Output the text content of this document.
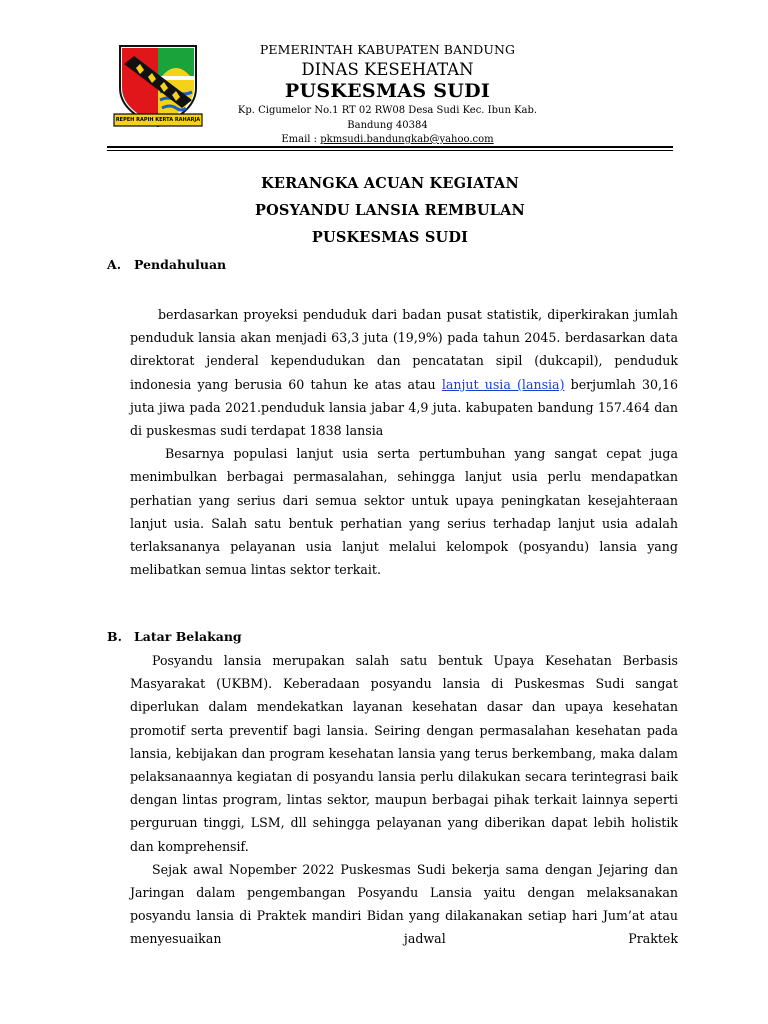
REPEH RAPIH KERTA RAHARJA
PEMERINTAH KABUPATEN BANDUNG
DINAS KESEHATAN
PUSKESMAS SUDI
Kp. Cigumelor No.1 RT 02 RW08 Desa Sudi Kec. Ibun Kab.
Bandung 40384
Email : pkmsudi.bandungkab@yahoo.com
KERANGKA ACUAN KEGIATAN
POSYANDU LANSIA REMBULAN
PUSKESMAS SUDI
A. Pendahuluan

berdasarkan proyeksi penduduk dari badan pusat statistik, diperkirakan jumlah penduduk lansia akan menjadi 63,3 juta (19,9%) pada tahun 2045. berdasarkan data direktorat jenderal kependudukan dan pencatatan sipil (dukcapil), penduduk indonesia yang berusia 60 tahun ke atas atau lanjut usia (lansia) berjumlah 30,16 juta jiwa pada 2021.penduduk lansia jabar 4,9 juta. kabupaten bandung 157.464 dan di puskesmas sudi terdapat 1838 lansia

Besarnya populasi lanjut usia serta pertumbuhan yang sangat cepat juga menimbulkan berbagai permasalahan, sehingga lanjut usia perlu mendapatkan perhatian yang serius dari semua sektor untuk upaya peningkatan kesejahteraan lanjut usia. Salah satu bentuk perhatian yang serius terhadap lanjut usia adalah terlaksananya pelayanan usia lanjut melalui kelompok (posyandu) lansia yang melibatkan semua lintas sektor terkait.

B. Latar Belakang

Posyandu lansia merupakan salah satu bentuk Upaya Kesehatan Berbasis Masyarakat (UKBM). Keberadaan posyandu lansia di Puskesmas Sudi sangat diperlukan dalam mendekatkan layanan kesehatan dasar dan upaya kesehatan promotif serta preventif bagi lansia. Seiring dengan permasalahan kesehatan pada lansia, kebijakan dan program kesehatan lansia yang terus berkembang, maka dalam pelaksanaannya kegiatan di posyandu lansia perlu dilakukan secara terintegrasi baik dengan lintas program, lintas sektor, maupun berbagai pihak terkait lainnya seperti perguruan tinggi, LSM, dll sehingga pelayanan yang diberikan dapat lebih holistik dan komprehensif.

Sejak awal Nopember 2022 Puskesmas Sudi bekerja sama dengan Jejaring dan Jaringan dalam pengembangan Posyandu Lansia yaitu dengan melaksanakan posyandu lansia di Praktek mandiri Bidan yang dilakanakan setiap hari Jum’at atau menyesuaikan jadwal Praktek
